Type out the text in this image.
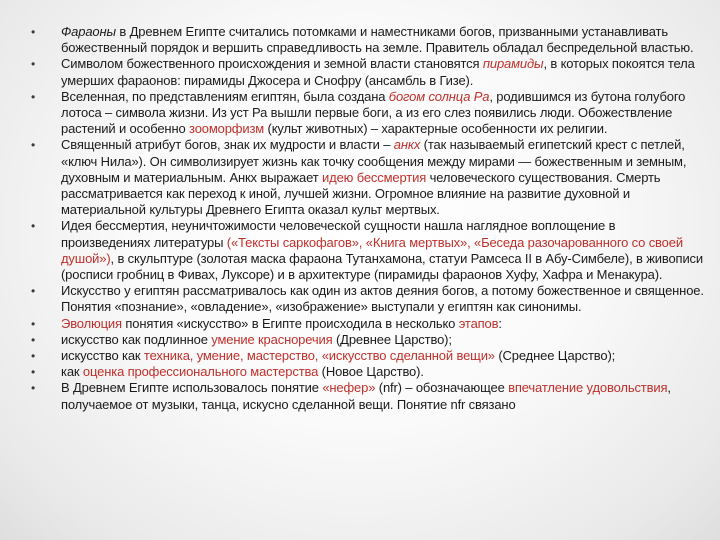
• Фараоны в Древнем Египте считались потомками и наместниками богов, призванными устанавливать божественный порядок и вершить справедливость на земле. Правитель обладал беспредельной властью.
• Символом божественного происхождения и земной власти становятся пирамиды, в которых покоятся тела умерших фараонов: пирамиды Джосера и Снофру (ансамбль в Гизе).
• Вселенная, по представлениям египтян, была создана богом солнца Ра, родившимся из бутона голубого лотоса – символа жизни. Из уст Ра вышли первые боги, а из его слез появились люди. Обожествление растений и особенно зооморфизм (культ животных) – характерные особенности их религии.
• Священный атрибут богов, знак их мудрости и власти – анкх (так называемый египетский крест с петлей, «ключ Нила»). Он символизирует жизнь как точку сообщения между мирами — божественным и земным, духовным и материальным. Анкх выражает идею бессмертия человеческого существования. Смерть рассматривается как переход к иной, лучшей жизни. Огромное влияние на развитие духовной и материальной культуры Древнего Египта оказал культ мертвых.
• Идея бессмертия, неуничтожимости человеческой сущности нашла наглядное воплощение в произведениях литературы («Тексты саркофагов», «Книга мертвых», «Беседа разочарованного со своей душой»), в скульптуре (золотая маска фараона Тутанхамона, статуи Рамсеса II в Абу-Симбеле), в живописи (росписи гробниц в Фивах, Луксоре) и в архитектуре (пирамиды фараонов Хуфу, Хафра и Менакура).
• Искусство у египтян рассматривалось как один из актов деяния богов, а потому божественное и священное. Понятия «познание», «овладение», «изображение» выступали у египтян как синонимы.
• Эволюция понятия «искусство» в Египте происходила в несколько этапов:
• искусство как подлинное умение красноречия (Древнее Царство);
• искусство как техника, умение, мастерство, «искусство сделанной вещи» (Среднее Царство);
• как оценка профессионального мастерства (Новое Царство).
• В Древнем Египте использовалось понятие «нефер» (nfr) – обозначающее впечатление удовольствия, получаемое от музыки, танца, искусно сделанной вещи. Понятие nfr связано
